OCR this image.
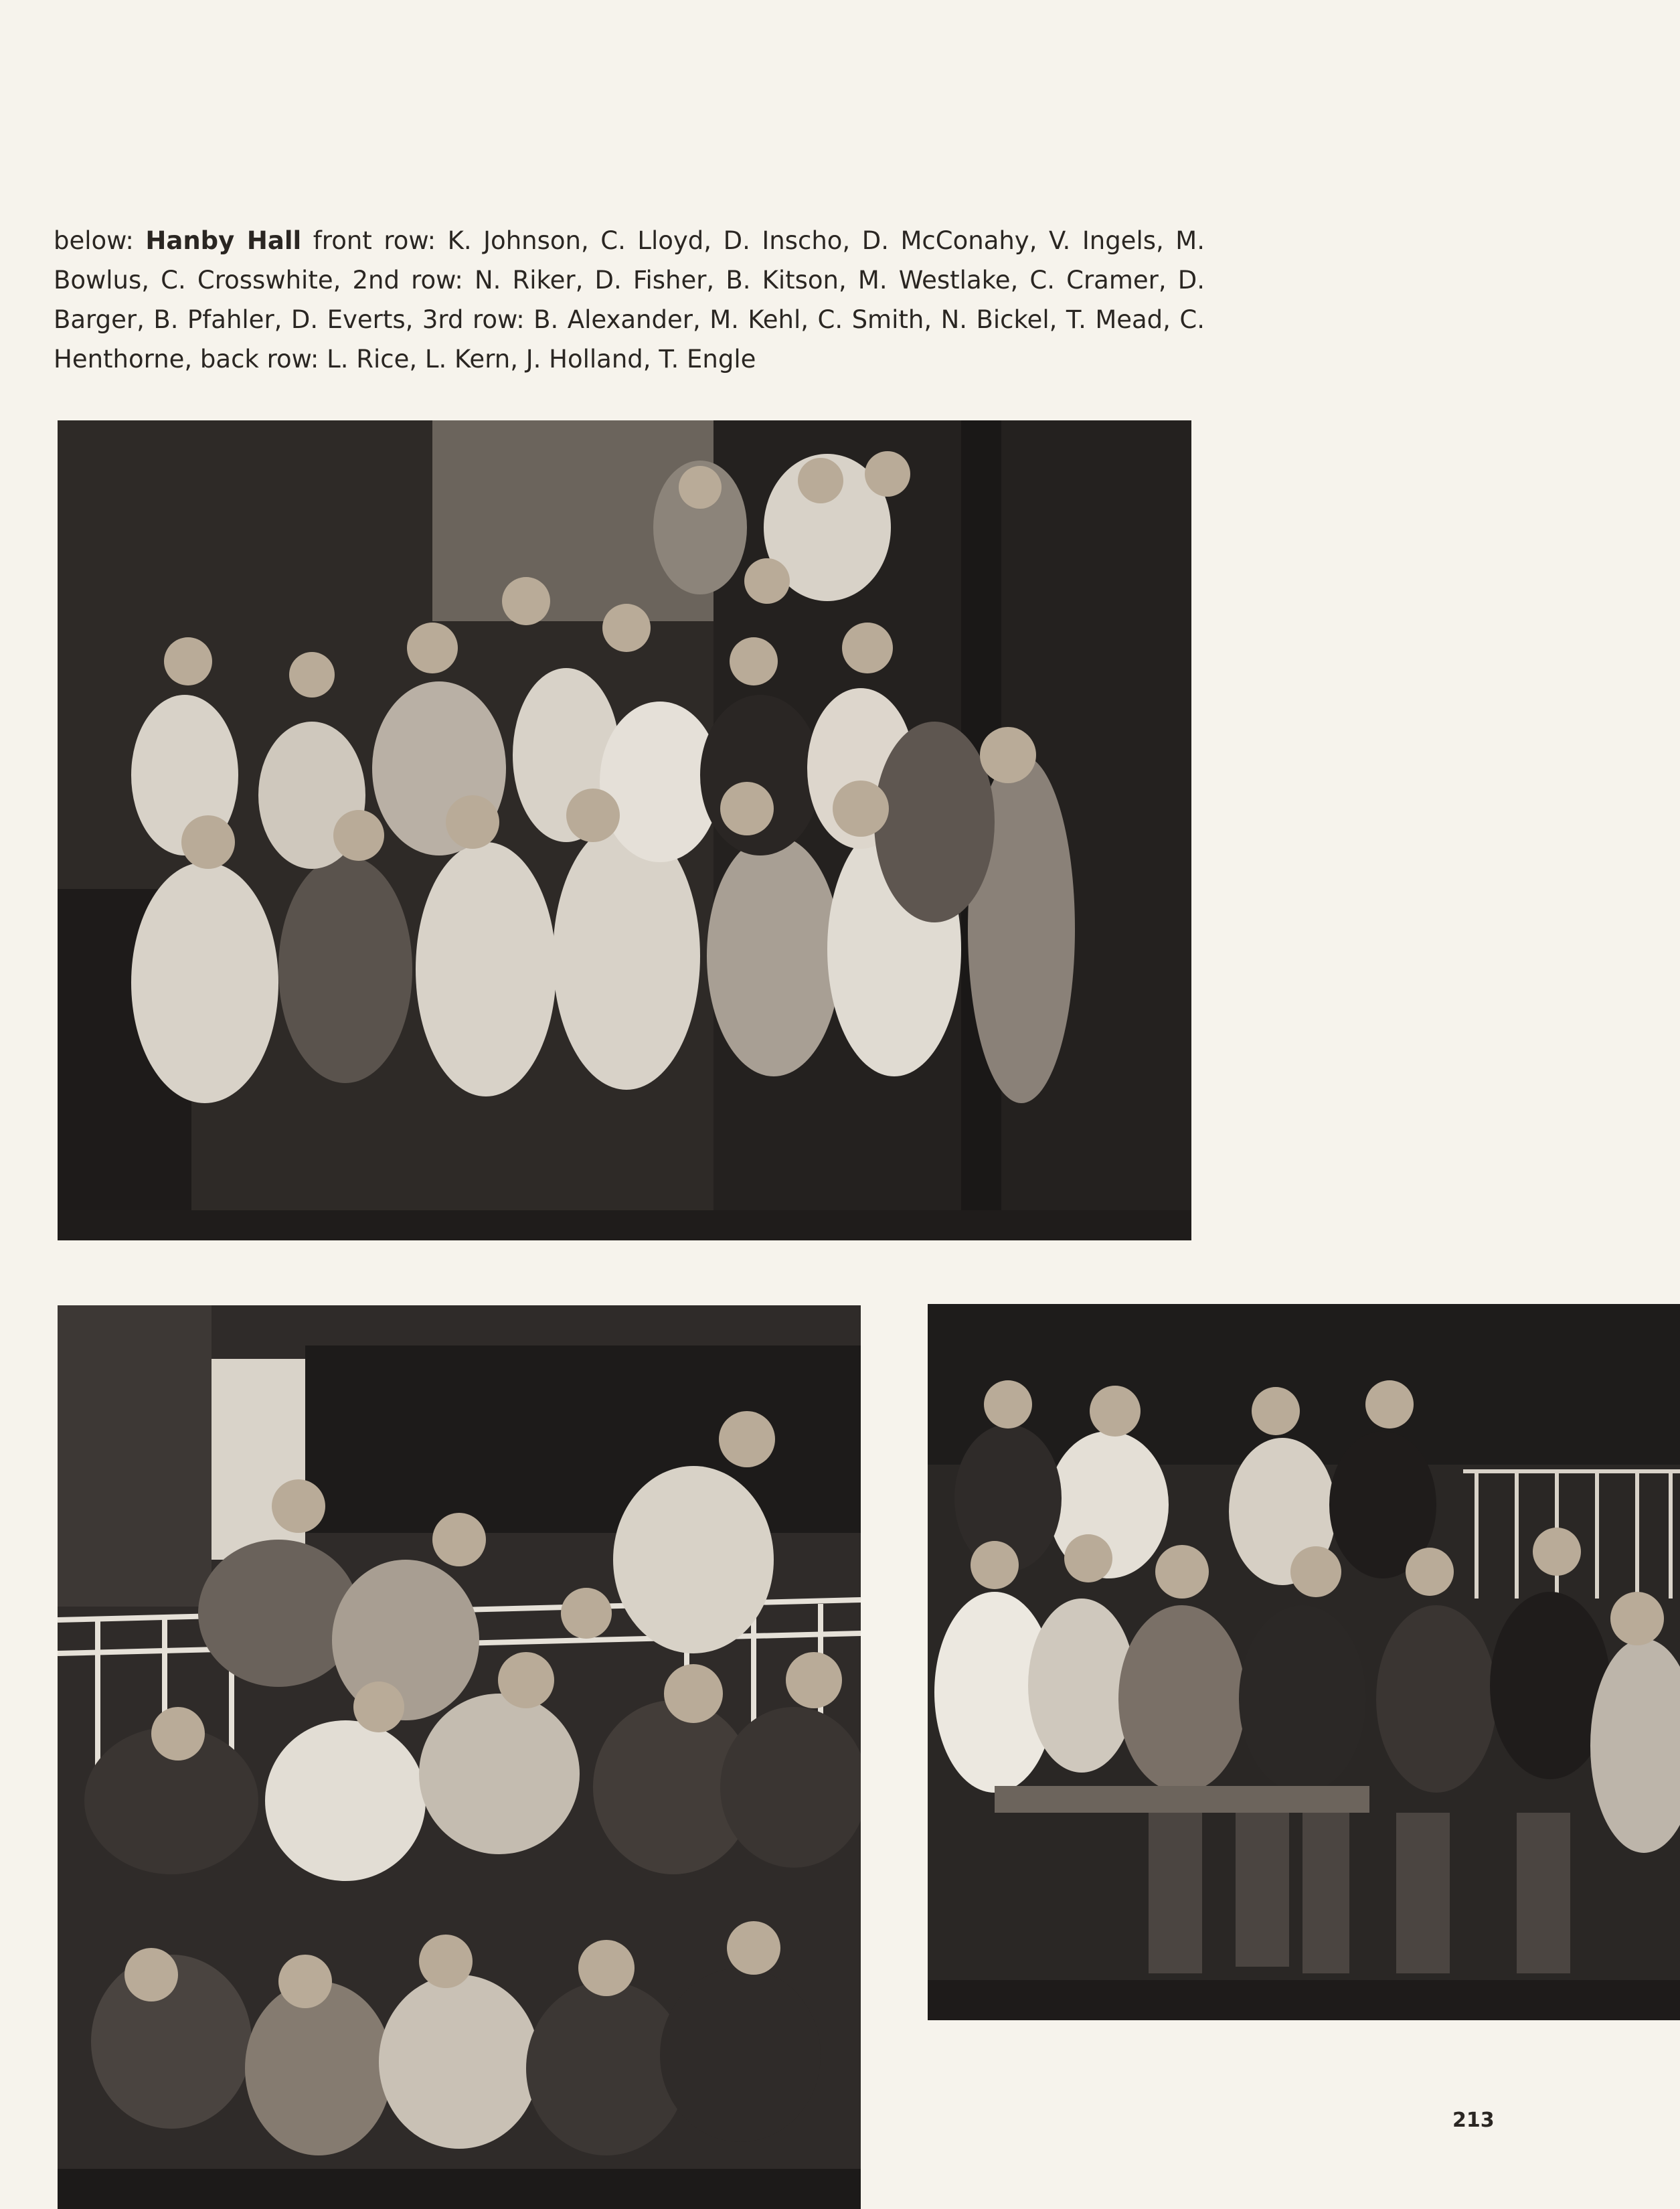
below: Hanby Hall front row: K. Johnson, C. Lloyd, D. Inscho, D. McConahy, V. Ingels, M. Bowlus, C. Crosswhite, 2nd row: N. Riker, D. Fisher, B. Kitson, M. Westlake, C. Cramer, D. Barger, B. Pfahler, D. Everts, 3rd row: B. Alexander, M. Kehl, C. Smith, N. Bickel, T. Mead, C. Henthorne, back row: L. Rice, L. Kern, J. Holland, T. Engle

213
